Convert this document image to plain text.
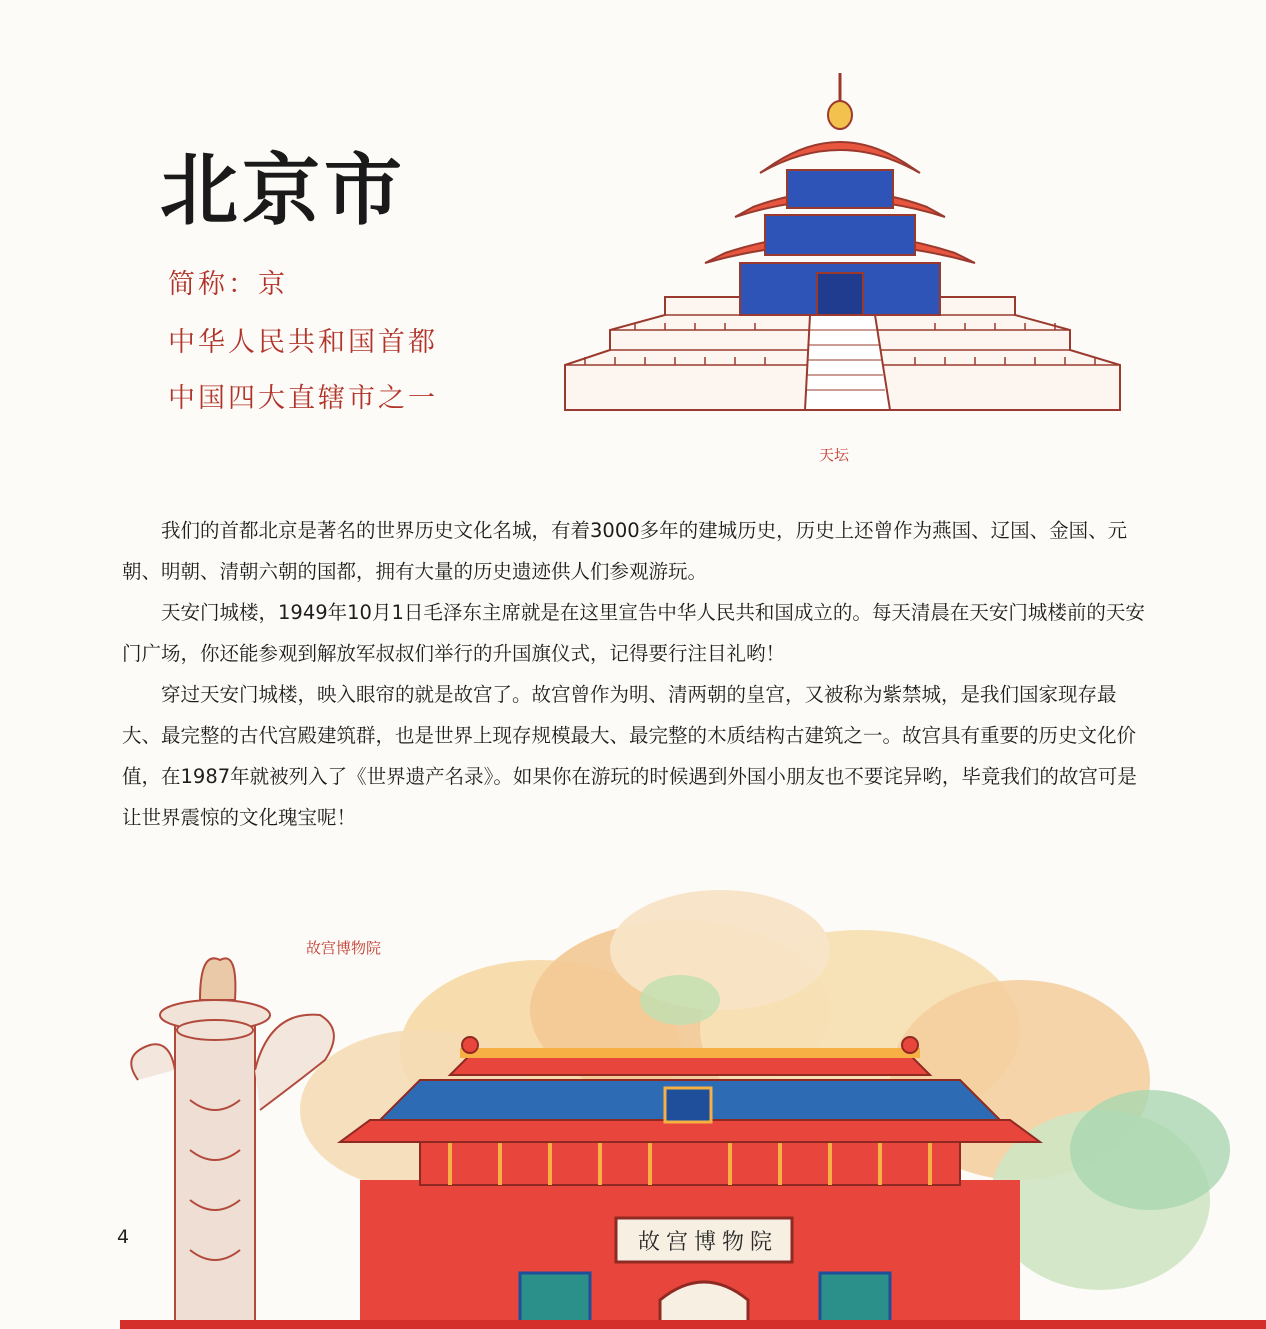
北京市
简称：京
中华人民共和国首都
中国四大直辖市之一
天坛

我们的首都北京是著名的世界历史文化名城，有着3000多年的建城历史，历史上还曾作为燕国、辽国、金国、元朝、明朝、清朝六朝的国都，拥有大量的历史遗迹供人们参观游玩。

天安门城楼，1949年10月1日毛泽东主席就是在这里宣告中华人民共和国成立的。每天清晨在天安门城楼前的天安门广场，你还能参观到解放军叔叔们举行的升国旗仪式，记得要行注目礼哟！

穿过天安门城楼，映入眼帘的就是故宫了。故宫曾作为明、清两朝的皇宫，又被称为紫禁城，是我们国家现存最大、最完整的古代宫殿建筑群，也是世界上现存规模最大、最完整的木质结构古建筑之一。故宫具有重要的历史文化价值，在1987年就被列入了《世界遗产名录》。如果你在游玩的时候遇到外国小朋友也不要诧异哟，毕竟我们的故宫可是让世界震惊的文化瑰宝呢！

故宫博物院
故宫博物院
4
